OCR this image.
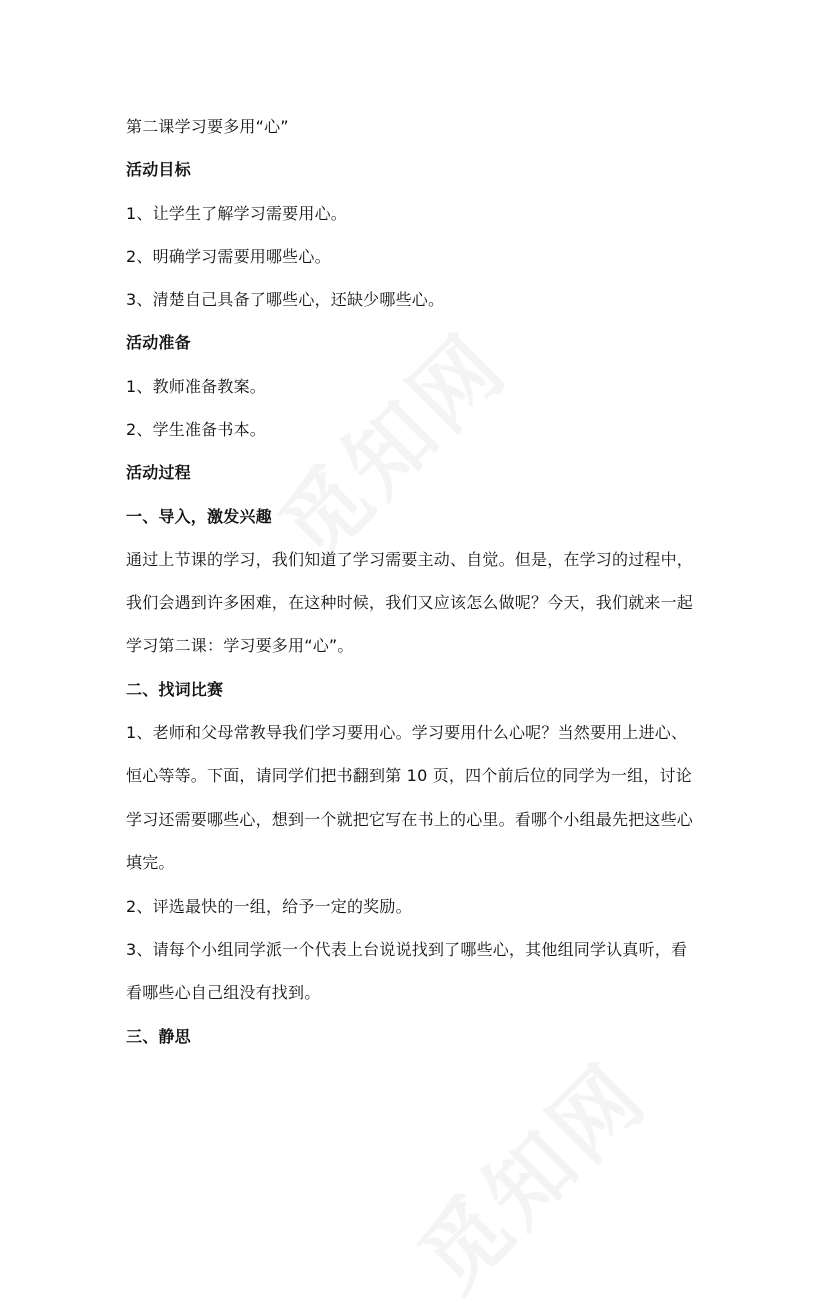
第二课学习要多用“心”
活动目标
1、让学生了解学习需要用心。
2、明确学习需要用哪些心。
3、清楚自己具备了哪些心，还缺少哪些心。
活动准备
1、教师准备教案。
2、学生准备书本。
活动过程
一、导入，激发兴趣
通过上节课的学习，我们知道了学习需要主动、自觉。但是，在学习的过程中，
我们会遇到许多困难，在这种时候，我们又应该怎么做呢？今天，我们就来一起
学习第二课：学习要多用“心”。
二、找词比赛
1、老师和父母常教导我们学习要用心。学习要用什么心呢？当然要用上进心、
恒心等等。下面，请同学们把书翻到第 10 页，四个前后位的同学为一组，讨论
学习还需要哪些心，想到一个就把它写在书上的心里。看哪个小组最先把这些心
填完。
2、评选最快的一组，给予一定的奖励。
3、请每个小组同学派一个代表上台说说找到了哪些心，其他组同学认真听，看
看哪些心自己组没有找到。
三、静思
